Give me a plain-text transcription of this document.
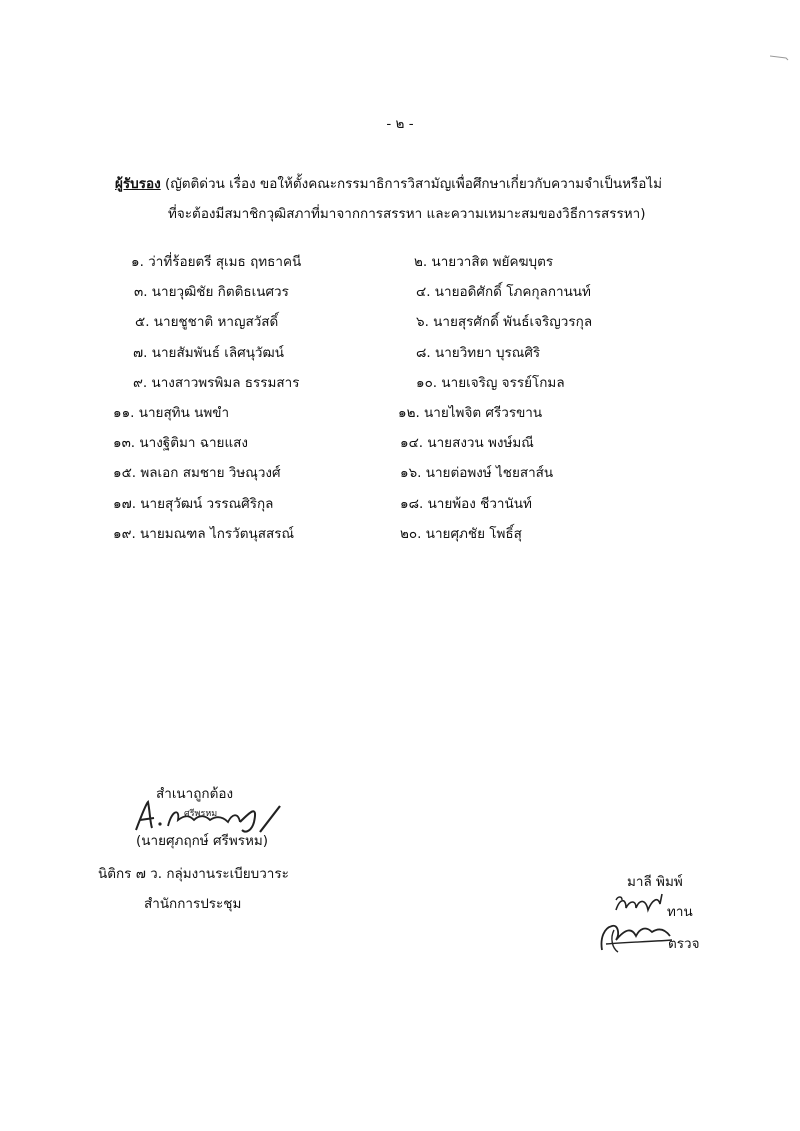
- ๒ -
ผู้รับรอง (ญัตติด่วน เรื่อง ขอให้ตั้งคณะกรรมาธิการวิสามัญเพื่อศึกษาเกี่ยวกับความจำเป็นหรือไม่
ที่จะต้องมีสมาชิกวุฒิสภาที่มาจากการสรรหา และความเหมาะสมของวิธีการสรรหา)
๑. ว่าที่ร้อยตรี สุเมธ ฤทธาคนี
๓. นายวุฒิชัย กิตติธเนศวร
๕. นายชูชาติ หาญสวัสดิ์
๗. นายสัมพันธ์ เลิศนุวัฒน์
๙. นางสาวพรพิมล ธรรมสาร
๑๑. นายสุทิน นพขำ
๑๓. นางฐิติมา ฉายแสง
๑๕. พลเอก สมชาย วิษณุวงศ์
๑๗. นายสุวัฒน์ วรรณศิริกุล
๑๙. นายมณฑล ไกรวัตนุสสรณ์
๒. นายวาสิต พยัคฆบุตร
๔. นายอดิศักดิ์ โภคกุลกานนท์
๖. นายสุรศักดิ์ พันธ์เจริญวรกุล
๘. นายวิทยา บุรณศิริ
๑๐. นายเจริญ จรรย์โกมล
๑๒. นายไพจิต ศรีวรขาน
๑๔. นายสงวน พงษ์มณี
๑๖. นายต่อพงษ์ ไชยสาส์น
๑๘. นายพ้อง ชีวานันท์
๒๐. นายศุภชัย โพธิ์สุ
สำเนาถูกต้อง
ศรีพรหม
(นายศุภฤกษ์ ศรีพรหม)
นิติกร ๗ ว. กลุ่มงานระเบียบวาระ
สำนักการประชุม
มาลี พิมพ์
ทาน
ตรวจ
